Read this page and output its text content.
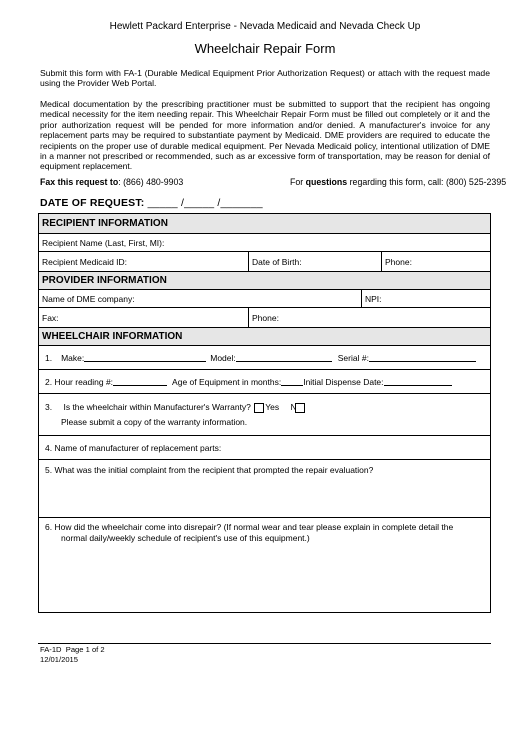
Hewlett Packard Enterprise - Nevada Medicaid and Nevada Check Up
Wheelchair Repair Form
Submit this form with FA-1 (Durable Medical Equipment Prior Authorization Request) or attach with the request made using the Provider Web Portal.
Medical documentation by the prescribing practitioner must be submitted to support that the recipient has ongoing medical necessity for the item needing repair. This Wheelchair Repair Form must be filled out completely or it and the prior authorization request will be pended for more information and/or denied. A manufacturer's invoice for any replacement parts may be required to substantiate payment by Medicaid. DME providers are required to educate the recipients on the proper use of durable medical equipment. Per Nevada Medicaid policy, intentional utilization of DME in a manner not prescribed or recommended, such as ar excessive form of transportation, may be reason for denial of equipment replacement.
Fax this request to: (866) 480-9903	For questions regarding this form, call: (800) 525-2395
DATE OF REQUEST: _____ /_____ /_______
RECIPIENT INFORMATION
Recipient Name (Last, First, MI):
Recipient Medicaid ID:	Date of Birth:	Phone:
PROVIDER INFORMATION
Name of DME company:	NPI:
Fax:	Phone:
WHEELCHAIR INFORMATION
1. Make:	Model:	Serial #:
2. Hour reading #:	Age of Equipment in months:	Initial Dispense Date:
3. Is the wheelchair within Manufacturer's Warranty? Yes N
Please submit a copy of the warranty information.
4. Name of manufacturer of replacement parts:
5. What was the initial complaint from the recipient that prompted the repair evaluation?
6. How did the wheelchair come into disrepair? (If normal wear and tear please explain in complete detail the
normal daily/weekly schedule of recipient's use of this equipment.)
FA-1D Page 1 of 2
12/01/2015
